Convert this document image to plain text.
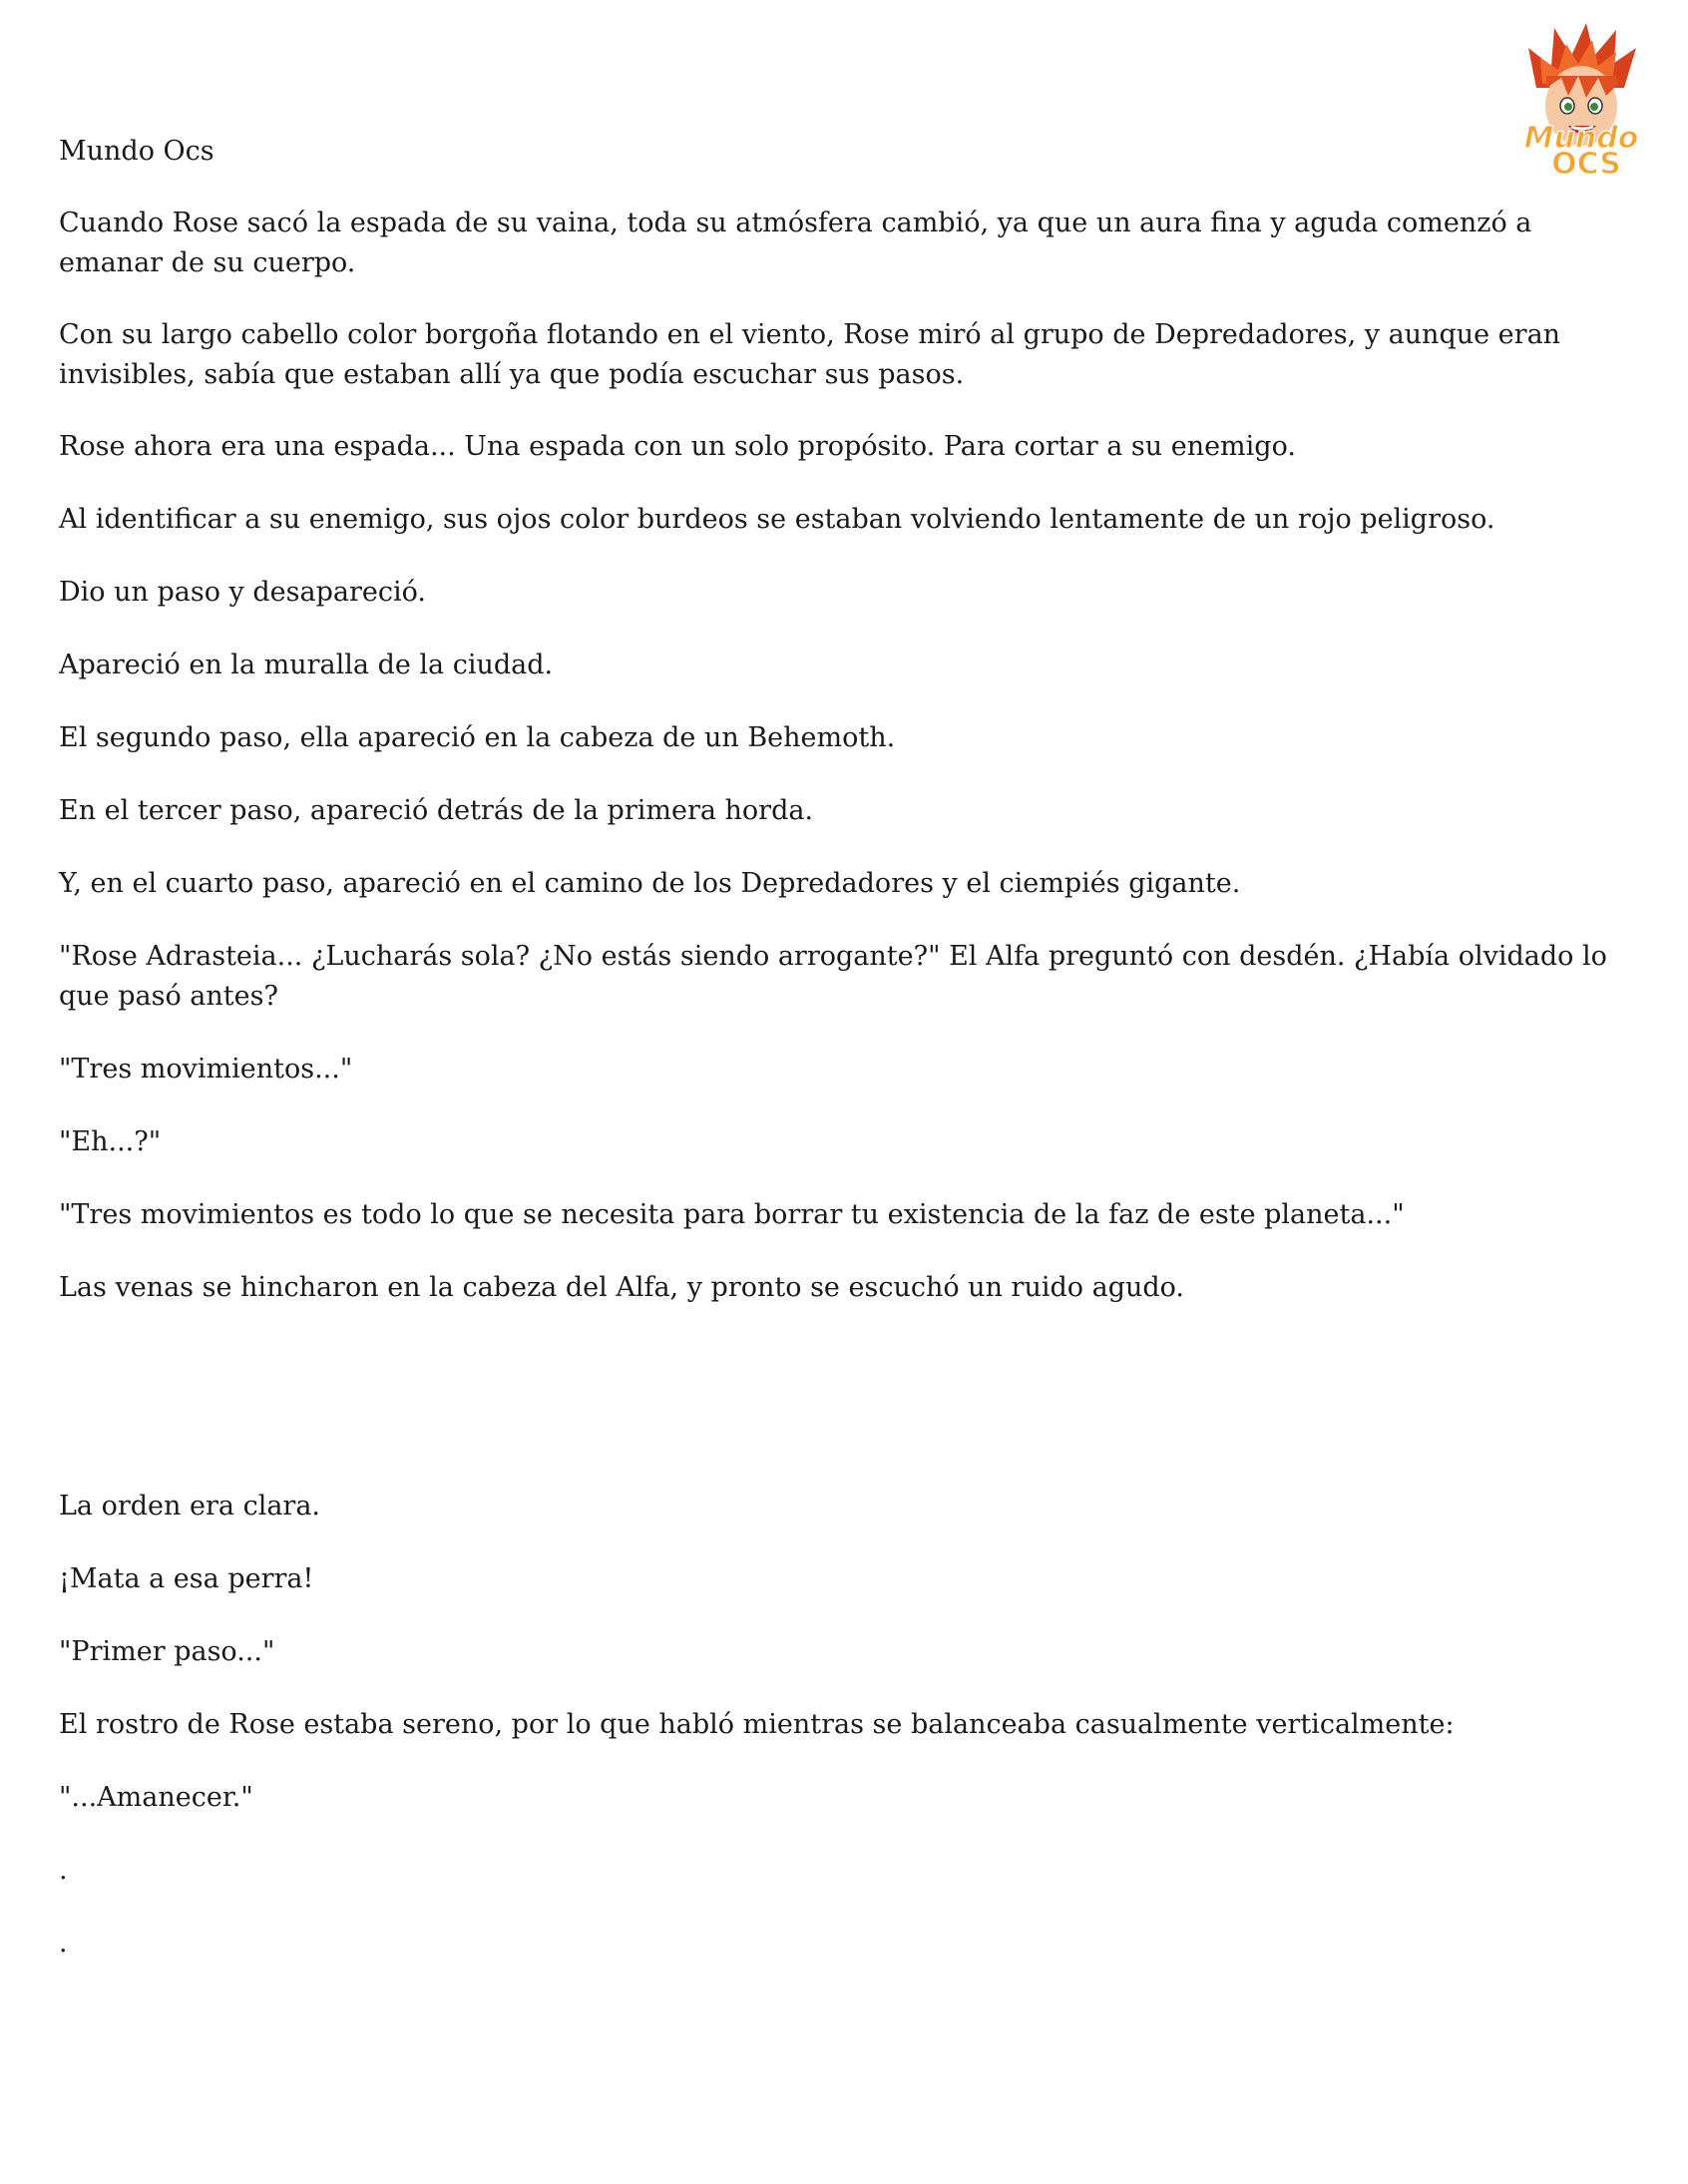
Mundo
OCS

Mundo Ocs

Cuando Rose sacó la espada de su vaina, toda su atmósfera cambió, ya que un aura fina y aguda comenzó a emanar de su cuerpo.

Con su largo cabello color borgoña flotando en el viento, Rose miró al grupo de Depredadores, y aunque eran invisibles, sabía que estaban allí ya que podía escuchar sus pasos.

Rose ahora era una espada... Una espada con un solo propósito. Para cortar a su enemigo.

Al identificar a su enemigo, sus ojos color burdeos se estaban volviendo lentamente de un rojo peligroso.

Dio un paso y desapareció.

Apareció en la muralla de la ciudad.

El segundo paso, ella apareció en la cabeza de un Behemoth.

En el tercer paso, apareció detrás de la primera horda.

Y, en el cuarto paso, apareció en el camino de los Depredadores y el ciempiés gigante.

"Rose Adrasteia... ¿Lucharás sola? ¿No estás siendo arrogante?" El Alfa preguntó con desdén. ¿Había olvidado lo que pasó antes?

"Tres movimientos..."

"Eh...?"

"Tres movimientos es todo lo que se necesita para borrar tu existencia de la faz de este planeta..."

Las venas se hincharon en la cabeza del Alfa, y pronto se escuchó un ruido agudo.

La orden era clara.

¡Mata a esa perra!

"Primer paso..."

El rostro de Rose estaba sereno, por lo que habló mientras se balanceaba casualmente verticalmente:

"...Amanecer."

.

.
